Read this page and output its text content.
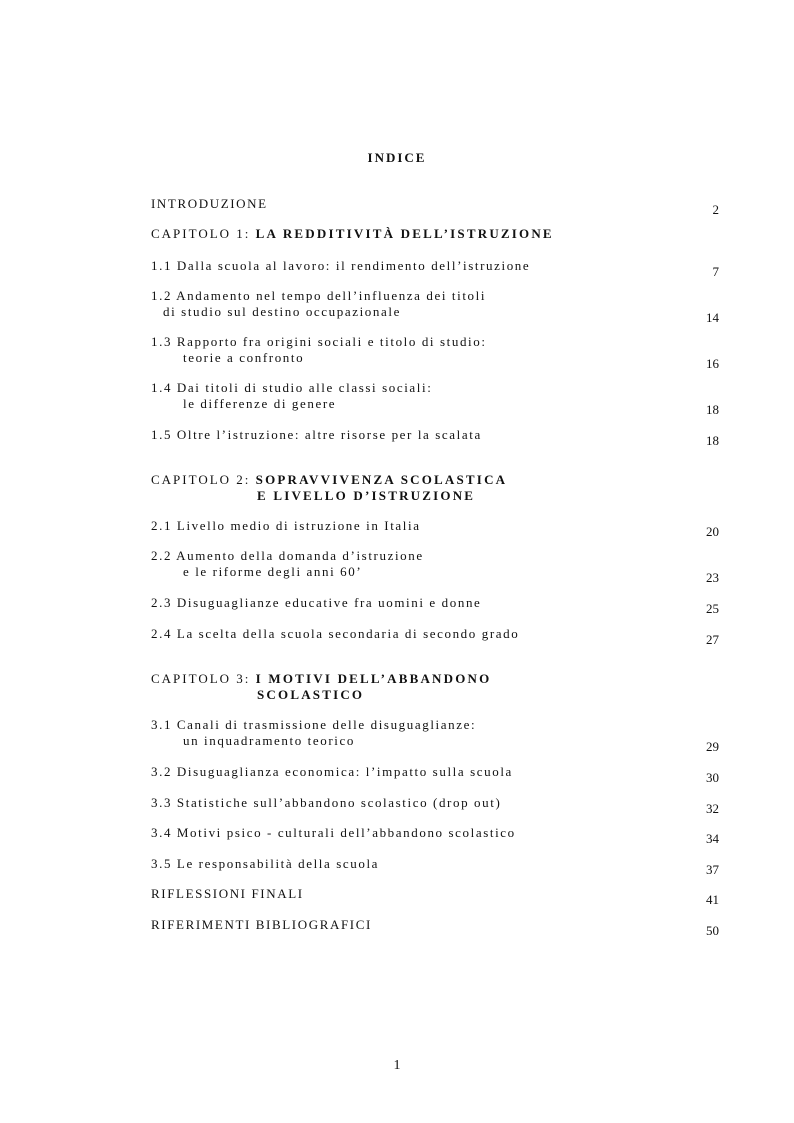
INDICE
INTRODUZIONE	2
CAPITOLO 1: LA REDDITIVITÀ DELL’ISTRUZIONE
1.1 Dalla scuola al lavoro: il rendimento dell’istruzione	7
1.2 Andamento nel tempo dell’influenza dei titoli
di studio sul destino occupazionale	14
1.3 Rapporto fra origini sociali e titolo di studio:
teorie a confronto	16
1.4 Dai titoli di studio alle classi sociali:
le differenze di genere	18
1.5 Oltre l’istruzione: altre risorse per la scalata	18
CAPITOLO 2: SOPRAVVIVENZA SCOLASTICA
E LIVELLO D’ISTRUZIONE
2.1 Livello medio di istruzione in Italia	20
2.2 Aumento della domanda d’istruzione
e le riforme degli anni 60’	23
2.3 Disuguaglianze educative fra uomini e donne	25
2.4 La scelta della scuola secondaria di secondo grado	27
CAPITOLO 3: I MOTIVI DELL’ABBANDONO
SCOLASTICO
3.1 Canali di trasmissione delle disuguaglianze:
un inquadramento teorico	29
3.2 Disuguaglianza economica: l’impatto sulla scuola	30
3.3 Statistiche sull’abbandono scolastico (drop out)	32
3.4 Motivi psico - culturali dell’abbandono scolastico	34
3.5 Le responsabilità della scuola	37
RIFLESSIONI FINALI	41
RIFERIMENTI BIBLIOGRAFICI	50
1
